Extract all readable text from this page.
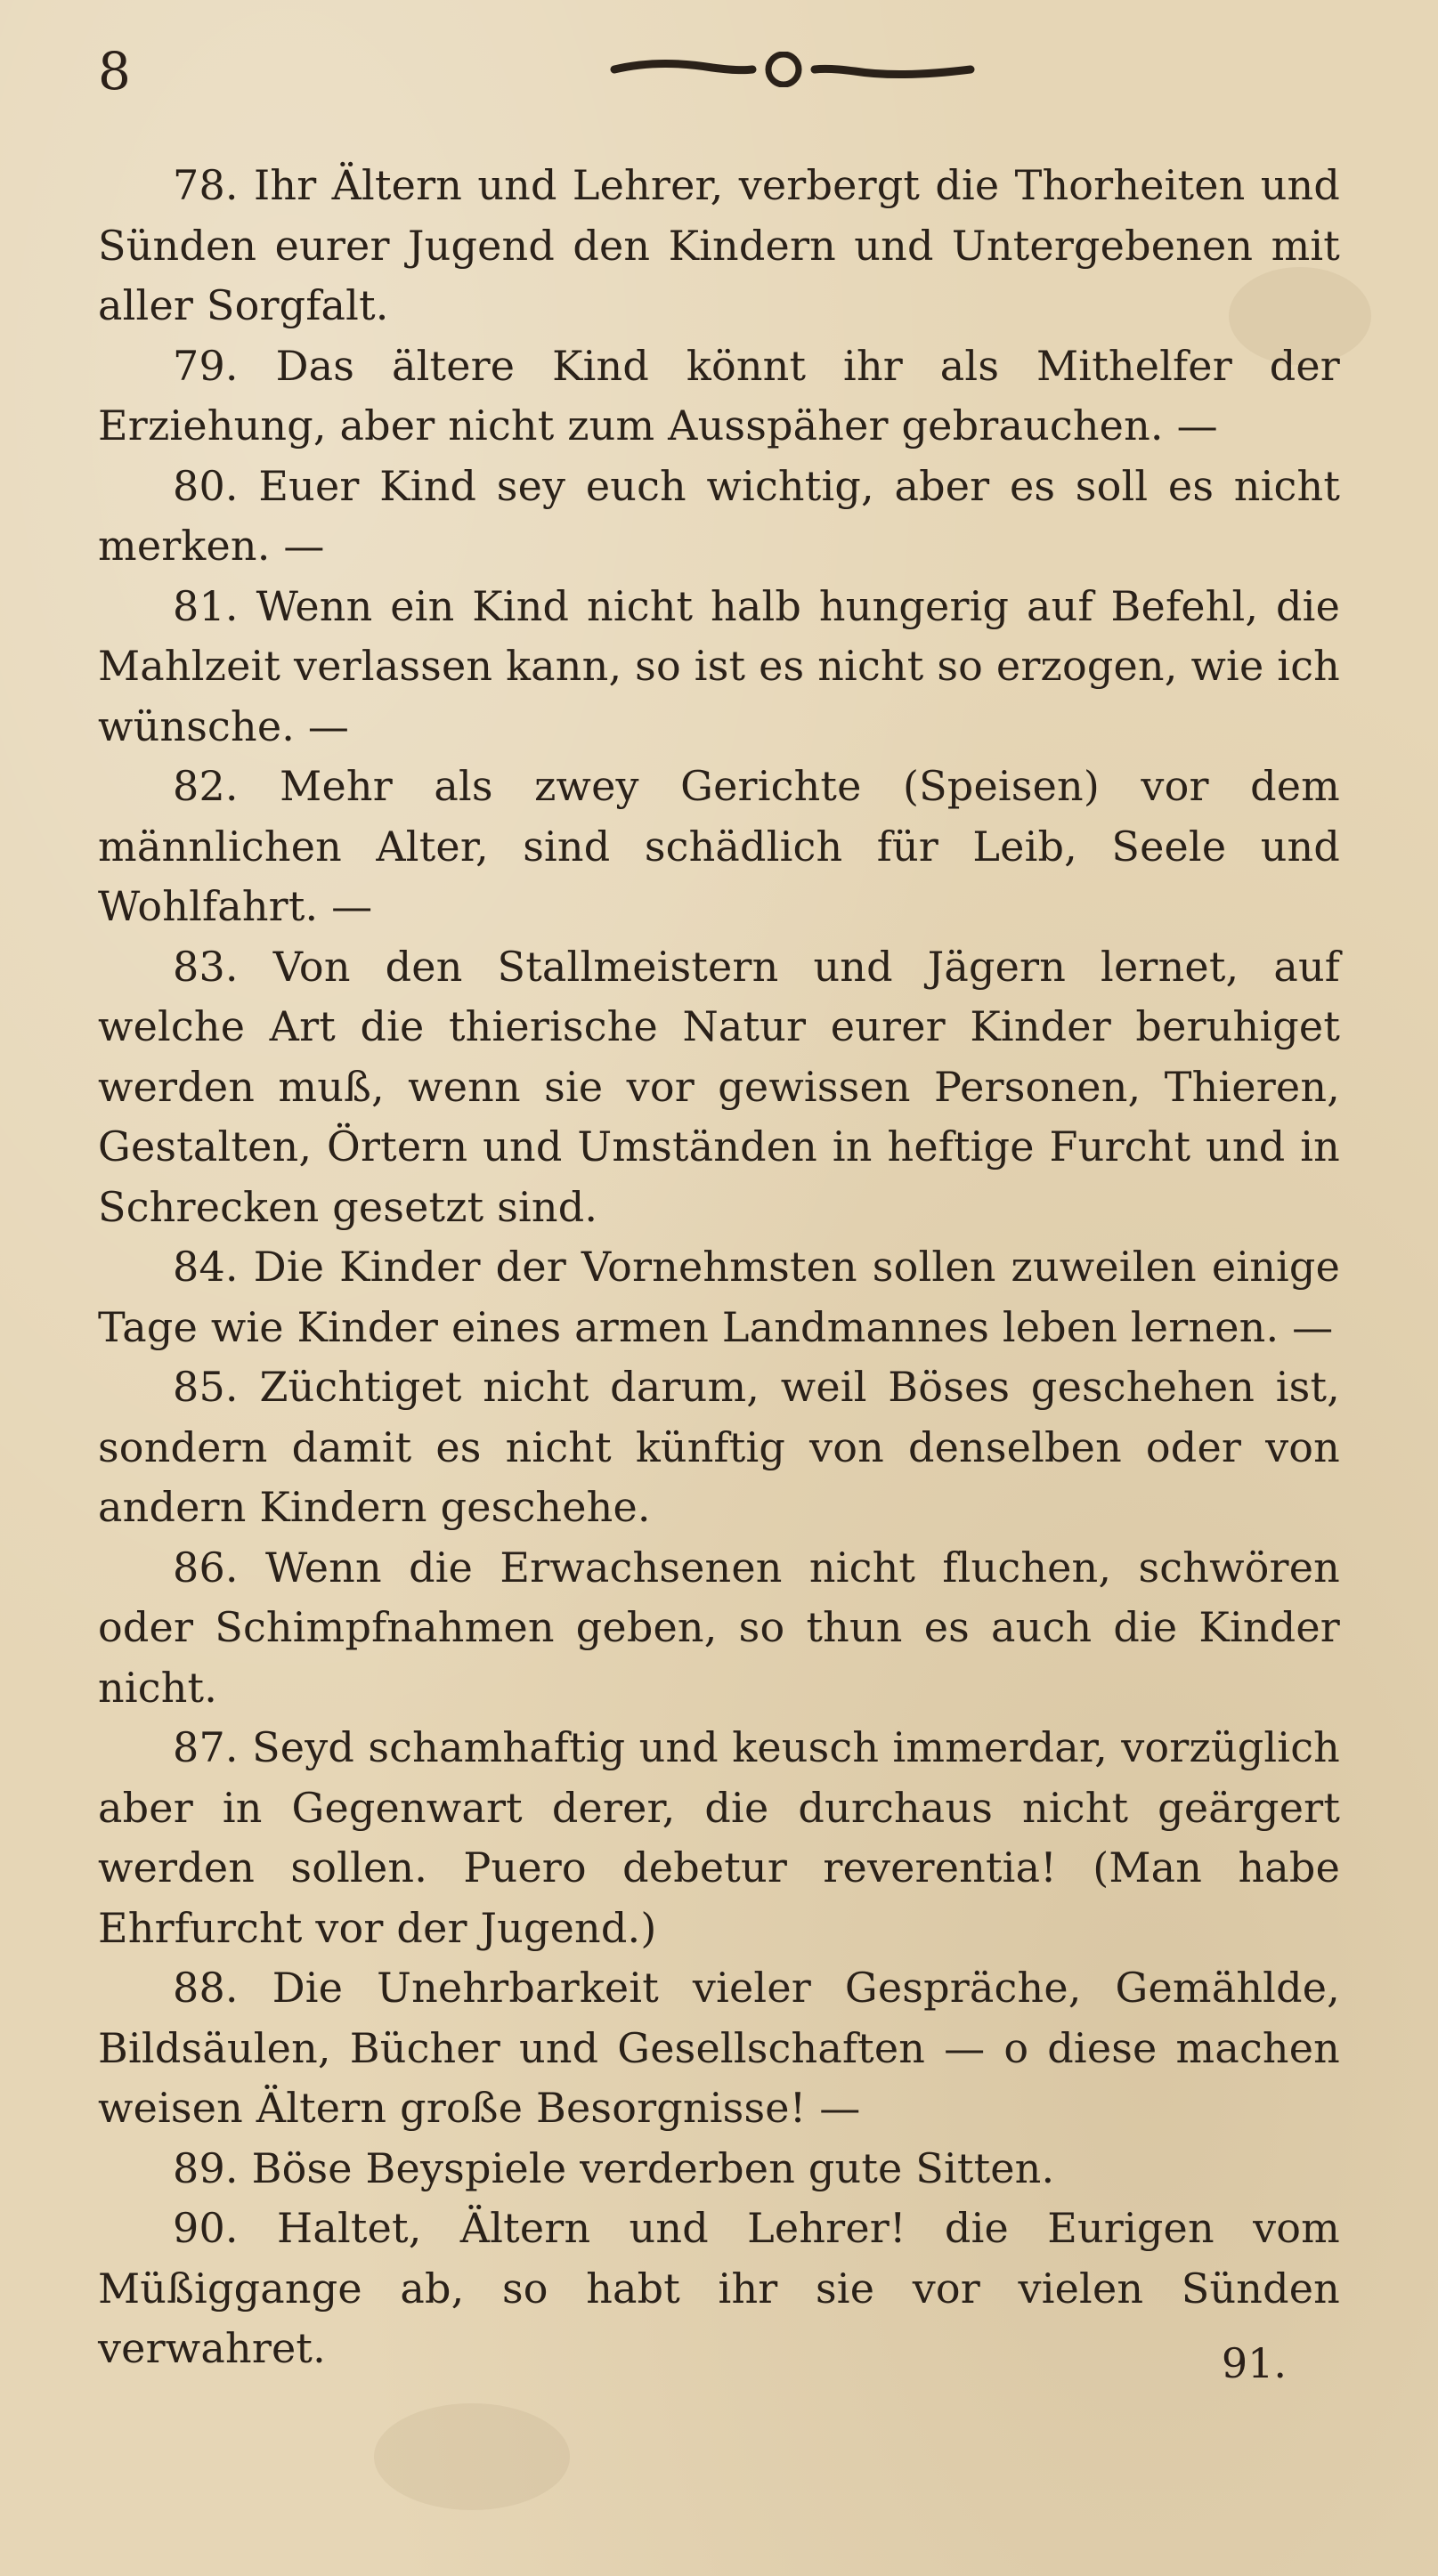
8

78. Ihr Ältern und Lehrer, verbergt die Thorheiten und Sünden eurer Jugend den Kindern und Untergebenen mit aller Sorgfalt.

79. Das ältere Kind könnt ihr als Mithelfer der Erziehung, aber nicht zum Ausspäher gebrauchen. —

80. Euer Kind sey euch wichtig, aber es soll es nicht merken. —

81. Wenn ein Kind nicht halb hungerig auf Befehl, die Mahlzeit verlassen kann, so ist es nicht so erzogen, wie ich wünsche. —

82. Mehr als zwey Gerichte (Speisen) vor dem männlichen Alter, sind schädlich für Leib, Seele und Wohlfahrt. —

83. Von den Stallmeistern und Jägern lernet, auf welche Art die thierische Natur eurer Kinder beruhiget werden muß, wenn sie vor gewissen Personen, Thieren, Gestalten, Örtern und Umständen in heftige Furcht und in Schrecken gesetzt sind.

84. Die Kinder der Vornehmsten sollen zuweilen einige Tage wie Kinder eines armen Landmannes leben lernen. —

85. Züchtiget nicht darum, weil Böses geschehen ist, sondern damit es nicht künftig von denselben oder von andern Kindern geschehe.

86. Wenn die Erwachsenen nicht fluchen, schwören oder Schimpfnahmen geben, so thun es auch die Kinder nicht.

87. Seyd schamhaftig und keusch immerdar, vorzüglich aber in Gegenwart derer, die durchaus nicht geärgert werden sollen. Puero debetur reverentia! (Man habe Ehrfurcht vor der Jugend.)

88. Die Unehrbarkeit vieler Gespräche, Gemählde, Bildsäulen, Bücher und Gesellschaften — o diese machen weisen Ältern große Besorgnisse! —

89. Böse Beyspiele verderben gute Sitten.

90. Haltet, Ältern und Lehrer! die Eurigen vom Müßiggange ab, so habt ihr sie vor vielen Sünden verwahret.	91.
